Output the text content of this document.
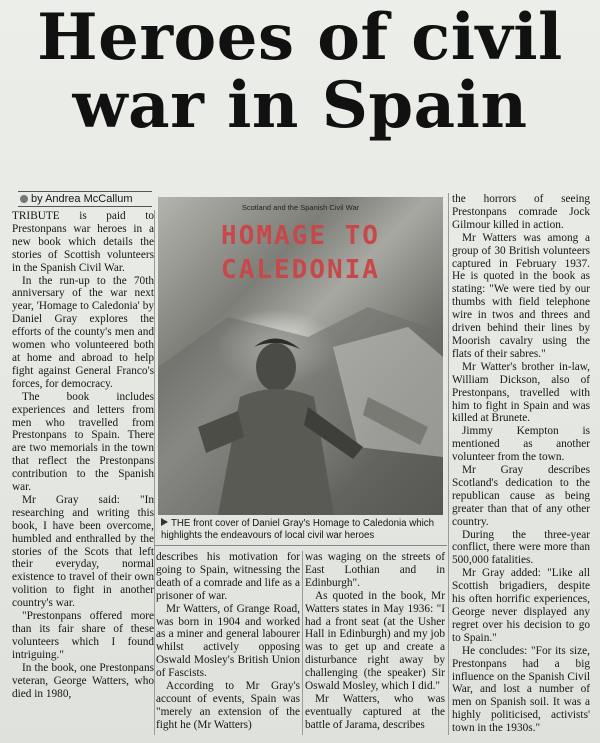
Heroes of civil
war in Spain
by Andrea McCallum

TRIBUTE is paid to Prestonpans war heroes in a new book which details the stories of Scottish volunteers in the Spanish Civil War.

In the run-up to the 70th anniversary of the war next year, 'Homage to Caledonia' by Daniel Gray explores the efforts of the county's men and women who volunteered both at home and abroad to help fight against General Franco's forces, for democracy.

The book includes experiences and letters from men who travelled from Prestonpans to Spain. There are two memorials in the town that reflect the Prestonpans contribution to the Spanish war.

Mr Gray said: "In researching and writing this book, I have been overcome, humbled and enthralled by the stories of the Scots that left their everyday, normal existence to travel of their own volition to fight in another country's war.

"Prestonpans offered more than its fair share of these volunteers which I found intriguing."

In the book, one Prestonpans veteran, George Watters, who died in 1980,

Scotland and the Spanish Civil War
HOMAGE TO
CALEDONIA
THE front cover of Daniel Gray's Homage to Caledonia which highlights the endeavours of local civil war heroes

describes his motivation for going to Spain, witnessing the death of a comrade and life as a prisoner of war.

Mr Watters, of Grange Road, was born in 1904 and worked as a miner and general labourer whilst actively opposing Oswald Mosley's British Union of Fascists.

According to Mr Gray's account of events, Spain was "merely an extension of the fight he (Mr Watters)

was waging on the streets of East Lothian and in Edinburgh".

As quoted in the book, Mr Watters states in May 1936: "I had a front seat (at the Usher Hall in Edinburgh) and my job was to get up and create a disturbance right away by challenging (the speaker) Sir Oswald Mosley, which I did."

Mr Watters, who was eventually captured at the battle of Jarama, describes

the horrors of seeing Prestonpans comrade Jock Gilmour killed in action.

Mr Watters was among a group of 30 British volunteers captured in February 1937. He is quoted in the book as stating: "We were tied by our thumbs with field telephone wire in twos and threes and driven behind their lines by Moorish cavalry using the flats of their sabres."

Mr Watter's brother in-law, William Dickson, also of Prestonpans, travelled with him to fight in Spain and was killed at Brunete.

Jimmy Kempton is mentioned as another volunteer from the town.

Mr Gray describes Scotland's dedication to the republican cause as being greater than that of any other country.

During the three-year conflict, there were more than 500,000 fatalities.

Mr Gray added: "Like all Scottish brigadiers, despite his often horrific experiences, George never displayed any regret over his decision to go to Spain."

He concludes: "For its size, Prestonpans had a big influence on the Spanish Civil War, and lost a number of men on Spanish soil. It was a highly politicised, activists' town in the 1930s."
